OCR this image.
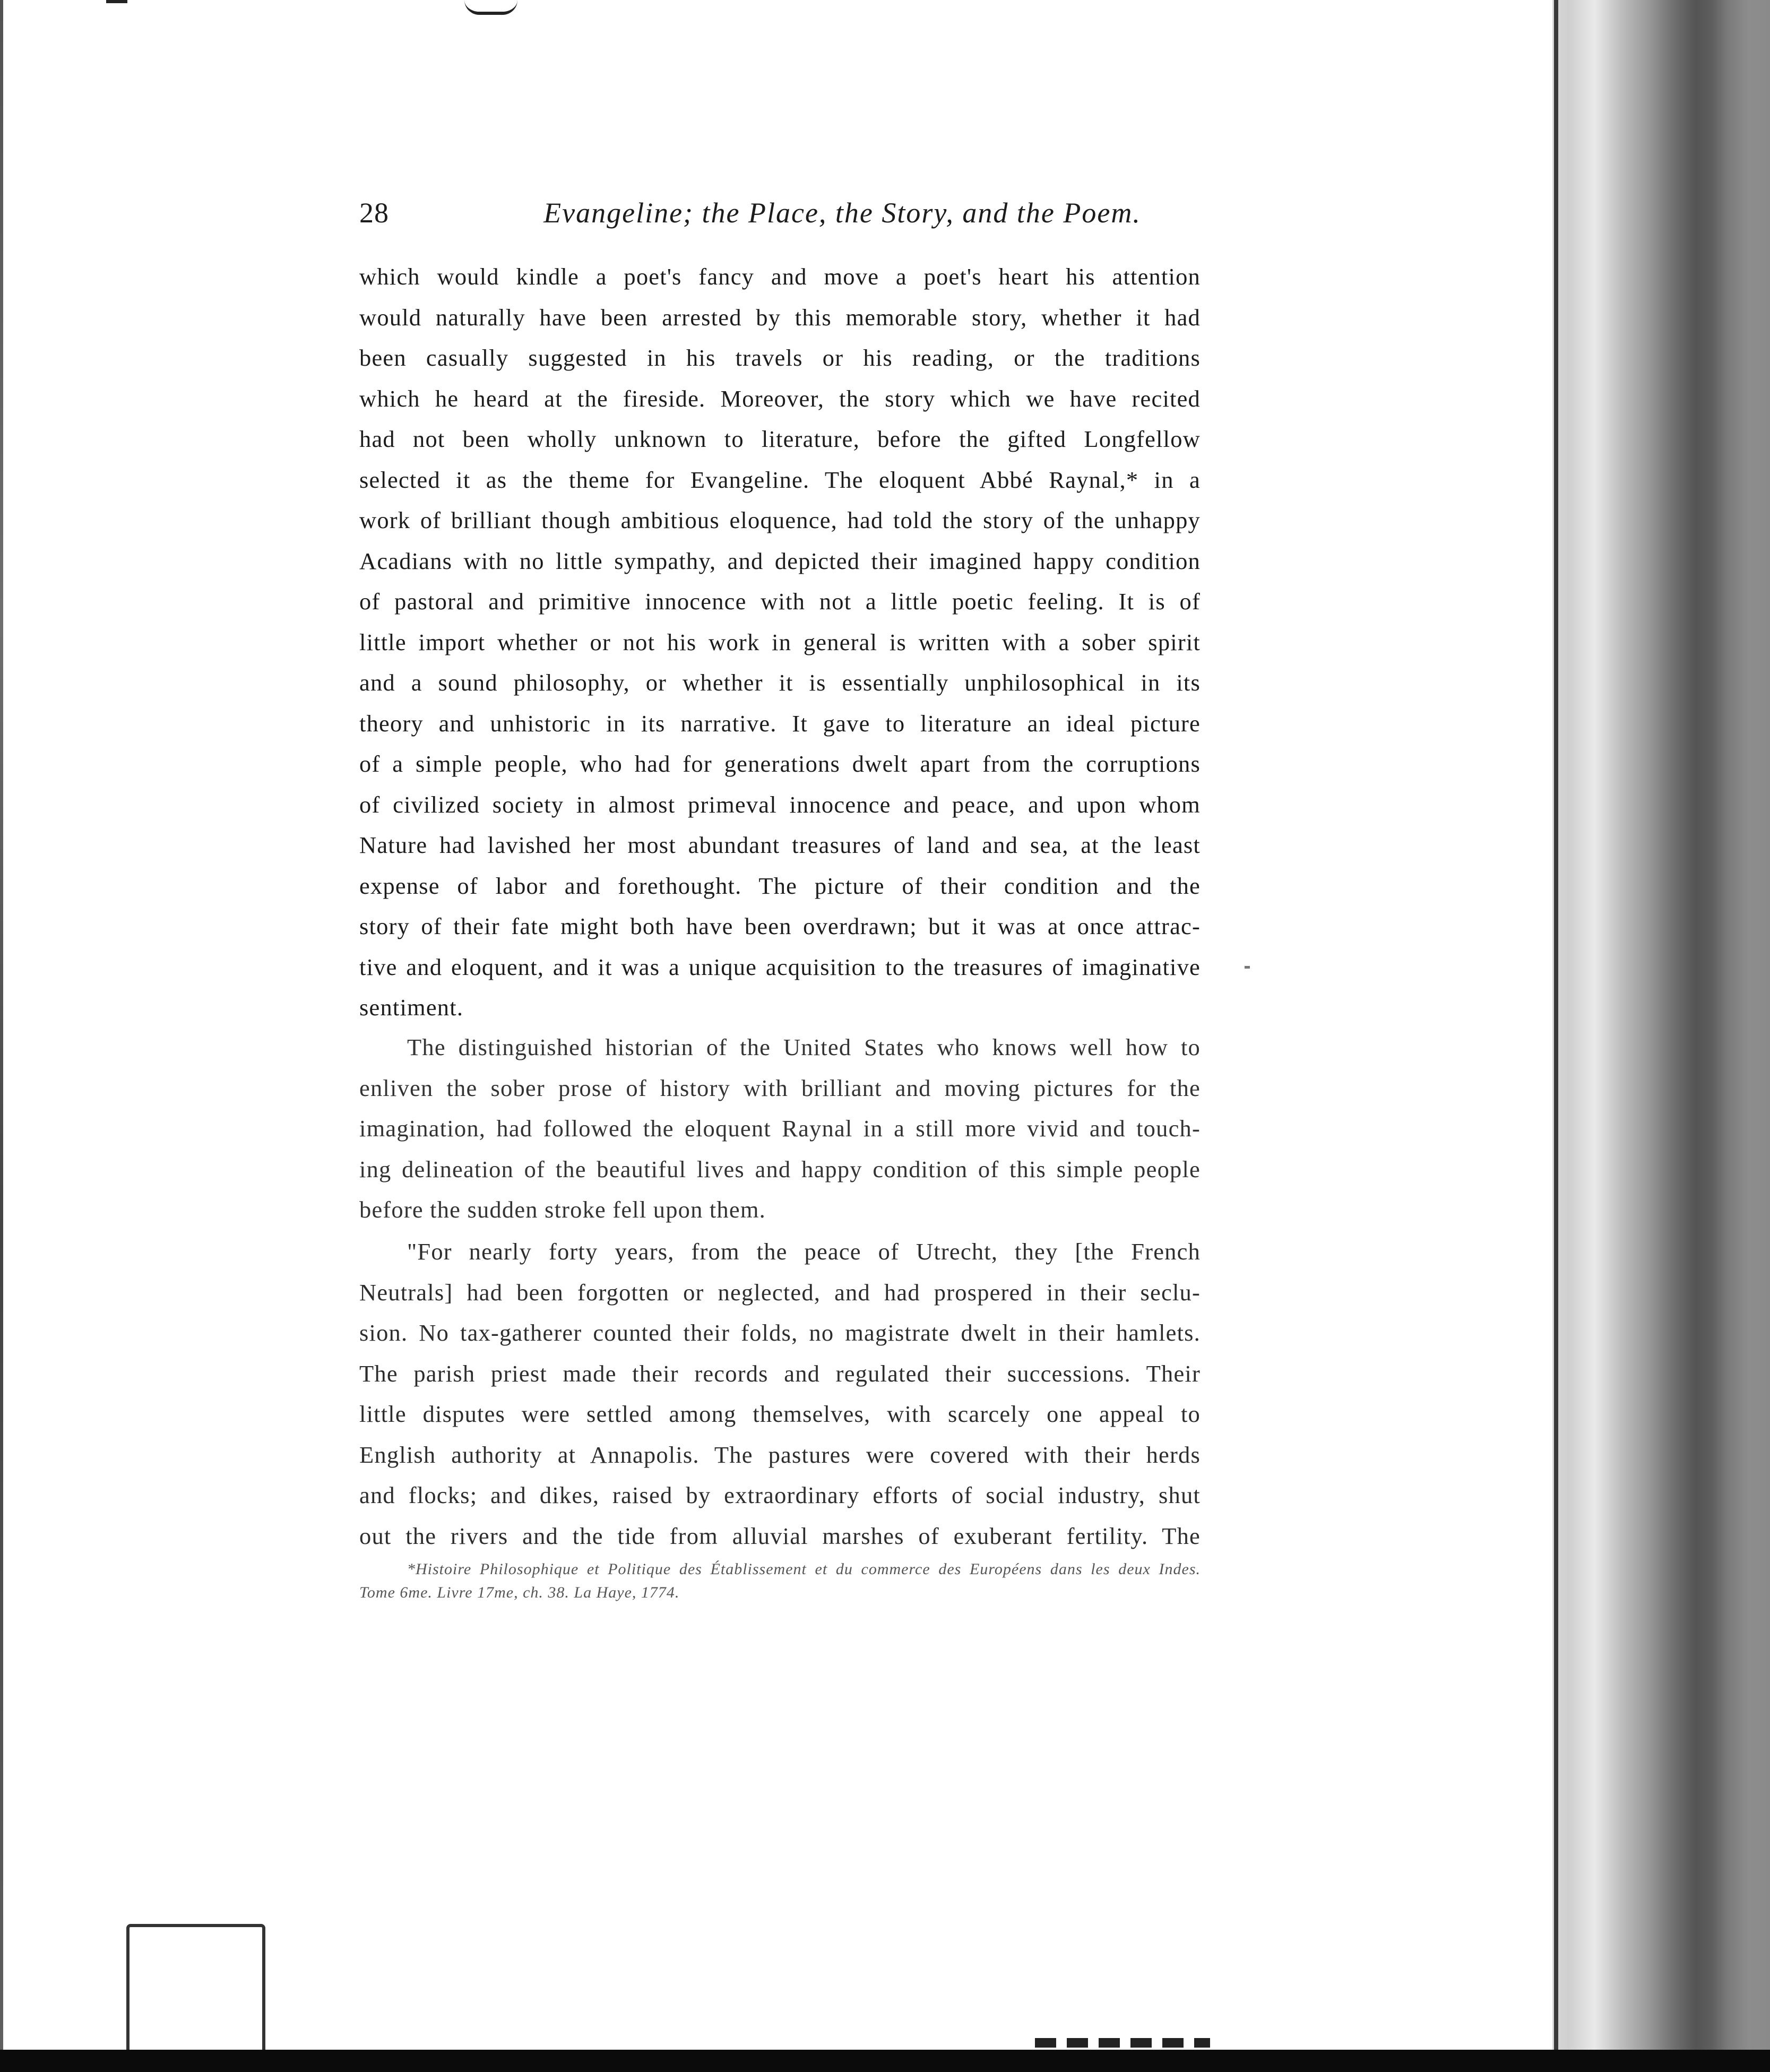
28	Evangeline; the Place, the Story, and the Poem.
which would kindle a poet's fancy and move a poet's heart his attention
would naturally have been arrested by this memorable story, whether it had
been casually suggested in his travels or his reading, or the traditions
which he heard at the fireside. Moreover, the story which we have recited
had not been wholly unknown to literature, before the gifted Longfellow
selected it as the theme for Evangeline. The eloquent Abbé Raynal,* in a
work of brilliant though ambitious eloquence, had told the story of the unhappy
Acadians with no little sympathy, and depicted their imagined happy condition
of pastoral and primitive innocence with not a little poetic feeling. It is of
little import whether or not his work in general is written with a sober spirit
and a sound philosophy, or whether it is essentially unphilosophical in its
theory and unhistoric in its narrative. It gave to literature an ideal picture
of a simple people, who had for generations dwelt apart from the corruptions
of civilized society in almost primeval innocence and peace, and upon whom
Nature had lavished her most abundant treasures of land and sea, at the least
expense of labor and forethought. The picture of their condition and the
story of their fate might both have been overdrawn; but it was at once attrac-
tive and eloquent, and it was a unique acquisition to the treasures of imaginative
sentiment.
The distinguished historian of the United States who knows well how to
enliven the sober prose of history with brilliant and moving pictures for the
imagination, had followed the eloquent Raynal in a still more vivid and touch-
ing delineation of the beautiful lives and happy condition of this simple people
before the sudden stroke fell upon them.
"For nearly forty years, from the peace of Utrecht, they [the French
Neutrals] had been forgotten or neglected, and had prospered in their seclu-
sion. No tax-gatherer counted their folds, no magistrate dwelt in their hamlets.
The parish priest made their records and regulated their successions. Their
little disputes were settled among themselves, with scarcely one appeal to
English authority at Annapolis. The pastures were covered with their herds
and flocks; and dikes, raised by extraordinary efforts of social industry, shut
out the rivers and the tide from alluvial marshes of exuberant fertility. The
*Histoire Philosophique et Politique des Établissement et du commerce des Européens dans les deux Indes.
Tome 6me. Livre 17me, ch. 38. La Haye, 1774.
